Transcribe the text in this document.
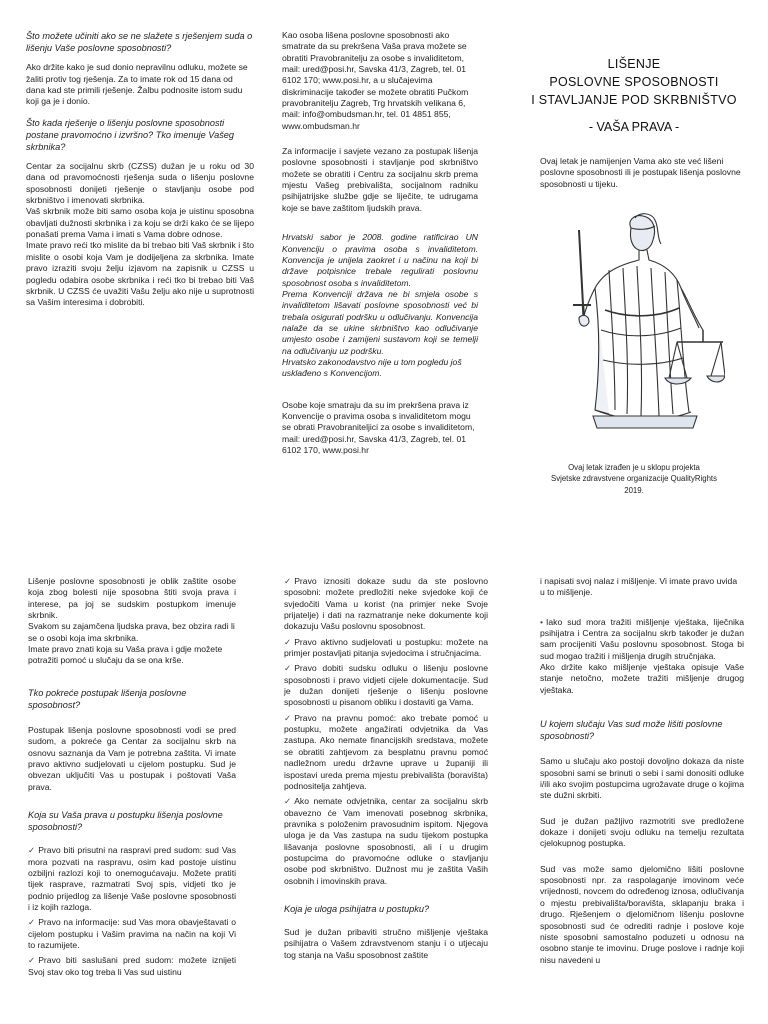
Što možete učiniti ako se ne slažete s rješenjem suda o lišenju Vaše poslovne sposobnosti?

Ako držite kako je sud donio nepravilnu odluku, možete se žaliti protiv tog rješenja. Za to imate rok od 15 dana od dana kad ste primili rješenje. Žalbu podnosite istom sudu koji ga je i donio.

Što kada rješenje o lišenju poslovne sposobnosti postane pravomoćno i izvršno? Tko imenuje Vašeg skrbnika?

Centar za socijalnu skrb (CZSS) dužan je u roku od 30 dana od pravomoćnosti rješenja suda o lišenju poslovne sposobnosti donijeti rješenje o stavljanju osobe pod skrbništvo i imenovati skrbnika.

Vaš skrbnik može biti samo osoba koja je uistinu sposobna obavljati dužnosti skrbnika i za koju se drži kako će se lijepo ponašati prema Vama i imati s Vama dobre odnose.

Imate pravo reći tko mislite da bi trebao biti Vaš skrbnik i što mislite o osobi koja Vam je dodijeljena za skrbnika. Imate pravo izraziti svoju želju izjavom na zapisnik u CZSS u pogledu odabira osobe skrbnika i reći tko bi trebao biti Vaš skrbnik. U CZSS će uvažiti Vašu želju ako nije u suprotnosti sa Vašim interesima i dobrobiti.

Kao osoba lišena poslovne sposobnosti ako smatrate da su prekršena Vaša prava možete se obratiti Pravobranitelju za osobe s invaliditetom, mail: ured@posi.hr, Savska 41/3, Zagreb, tel. 01 6102 170; www.posi.hr, a u slučajevima diskriminacije također se možete obratiti Pučkom pravobranitelju Zagreb, Trg hrvatskih velikana 6, mail: info@ombudsman.hr, tel. 01 4851 855, www.ombudsman.hr

Za informacije i savjete vezano za postupak lišenja poslovne sposobnosti i stavljanje pod skrbništvo možete se obratiti i Centru za socijalnu skrb prema mjestu Vašeg prebivališta, socijalnom radniku psihijatrijske službe gdje se liječite, te udrugama koje se bave zaštitom ljudskih prava.

Hrvatski sabor je 2008. godine ratificirao UN Konvenciju o pravima osoba s invaliditetom. Konvencija je unijela zaokret i u načinu na koji bi države potpisnice trebale regulirati poslovnu sposobnost osoba s invaliditetom.

Prema Konvenciji država ne bi smjela osobe s invaliditetom lišavati poslovne sposobnosti već bi trebala osigurati podršku u odlučivanju. Konvencija nalaže da se ukine skrbništvo kao odlučivanje umjesto osobe i zamijeni sustavom koji se temelji na odlučivanju uz podršku.

Hrvatsko zakonodavstvo nije u tom pogledu još usklađeno s Konvencijom.

Osobe koje smatraju da su im prekršena prava iz Konvencije o pravima osoba s invaliditetom mogu se obrati Pravobraniteljici za osobe s invaliditetom, mail: ured@posi.hr, Savska 41/3, Zagreb, tel. 01 6102 170, www.posi.hr

LIŠENJE
POSLOVNE SPOSOBNOSTI
I STAVLJANJE POD SKRBNIŠTVO
- VAŠA PRAVA -

Ovaj letak je namijenjen Vama ako ste već lišeni poslovne sposobnosti ili je postupak lišenja poslovne sposobnosti u tijeku.

Ovaj letak izrađen je u sklopu projekta
Svjetske zdravstvene organizacije QualityRights
2019.

Lišenje poslovne sposobnosti je oblik zaštite osobe koja zbog bolesti nije sposobna štiti svoja prava i interese, pa joj se sudskim postupkom imenuje skrbnik.

Svakom su zajamčena ljudska prava, bez obzira radi li se o osobi koja ima skrbnika.

Imate pravo znati koja su Vaša prava i gdje možete potražiti pomoć u slučaju da se ona krše.

Tko pokreće postupak lišenja poslovne sposobnost?

Postupak lišenja poslovne sposobnosti vodi se pred sudom, a pokreće ga Centar za socijalnu skrb na osnovu saznanja da Vam je potrebna zaštita. Vi imate pravo aktivno sudjelovati u cijelom postupku. Sud je obvezan uključiti Vas u postupak i poštovati Vaša prava.

Koja su Vaša prava u postupku lišenja poslovne sposobnosti?

✓ Pravo biti prisutni na raspravi pred sudom: sud Vas mora pozvati na raspravu, osim kad postoje uistinu ozbiljni razlozi koji to onemogućavaju. Možete pratiti tijek rasprave, razmatrati Svoj spis, vidjeti tko je podnio prijedlog za lišenje Vaše poslovne sposobnosti i iz kojih razloga.

✓ Pravo na informacije: sud Vas mora obavještavati o cijelom postupku i Vašim pravima na način na koji Vi to razumijete.

✓ Pravo biti saslušani pred sudom: možete iznijeti Svoj stav oko tog treba li Vas sud uistinu

✓ Pravo iznositi dokaze sudu da ste poslovno sposobni: možete predložiti neke svjedoke koji će svjedočiti Vama u korist (na primjer neke Svoje prijatelje) i dati na razmatranje neke dokumente koji dokazuju Vašu poslovnu sposobnost.

✓ Pravo aktivno sudjelovati u postupku: možete na primjer postavljati pitanja svjedocima i stručnjacima.

✓ Pravo dobiti sudsku odluku o lišenju poslovne sposobnosti i pravo vidjeti cijele dokumentacije. Sud je dužan donijeti rješenje o lišenju poslovne sposobnosti u pisanom obliku i dostaviti ga Vama.

✓ Pravo na pravnu pomoć: ako trebate pomoć u postupku, možete angažirati odvjetnika da Vas zastupa. Ako nemate financijskih sredstava, možete se obratiti zahtjevom za besplatnu pravnu pomoć nadležnom uredu državne uprave u županiji ili ispostavi ureda prema mjestu prebivališta (boravišta) podnositelja zahtjeva.

✓ Ako nemate odvjetnika, centar za socijalnu skrb obavezno će Vam imenovati posebnog skrbnika, pravnika s položenim pravosudnim ispitom. Njegova uloga je da Vas zastupa na sudu tijekom postupka lišavanja poslovne sposobnosti, ali i u drugim postupcima do pravomoćne odluke o stavljanju osobe pod skrbništvo. Dužnost mu je zaštita Vaših osobnih i imovinskih prava.

Koja je uloga psihijatra u postupku?

Sud je dužan pribaviti stručno mišljenje vještaka psihijatra o Vašem zdravstvenom stanju i o utjecaju tog stanja na Vašu sposobnost zaštite

i napisati svoj nalaz i mišljenje. Vi imate pravo uvida u to mišljenje.

• Iako sud mora tražiti mišljenje vještaka, liječnika psihijatra i Centra za socijalnu skrb također je dužan sam procijeniti Vašu poslovnu sposobnost. Stoga bi sud mogao tražiti i mišljenja drugih stručnjaka.

Ako držite kako mišljenje vještaka opisuje Vaše stanje netočno, možete tražiti mišljenje drugog vještaka.

U kojem slučaju Vas sud može lišiti poslovne sposobnosti?

Samo u slučaju ako postoji dovoljno dokaza da niste sposobni sami se brinuti o sebi i sami donositi odluke i/ili ako svojim postupcima ugrožavate druge o kojima ste dužni skrbiti.

Sud je dužan pažljivo razmotriti sve predložene dokaze i donijeti svoju odluku na temelju rezultata cjelokupnog postupka.

Sud vas može samo djelomično lišiti poslovne sposobnosti npr. za raspolaganje imovinom veće vrijednosti, novcem do određenog iznosa, odlučivanja o mjestu prebivališta/boravišta, sklapanju braka i drugo. Rješenjem o djelomičnom lišenju poslovne sposobnosti sud će odrediti radnje i poslove koje niste sposobni samostalno poduzeti u odnosu na osobno stanje te imovinu. Druge poslove i radnje koji nisu navedeni u
